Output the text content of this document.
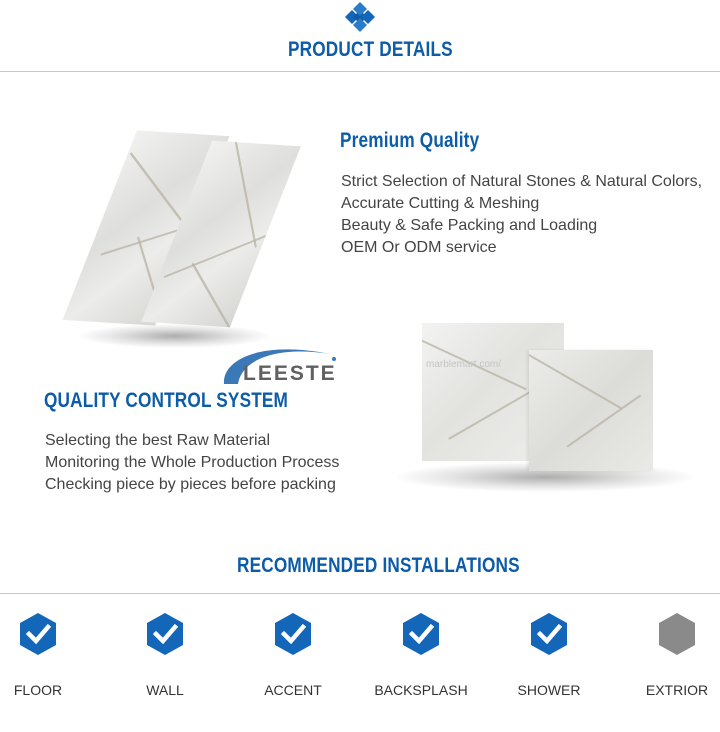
PRODUCT DETAILS
Premium Quality
Strict Selection of Natural Stones & Natural Colors,
Accurate Cutting & Meshing
Beauty & Safe Packing and Loading
OEM Or ODM service
LEESTE
QUALITY CONTROL SYSTEM
Selecting the best Raw Material
Monitoring the Whole Production Process
Checking piece by pieces before packing
marblemart.com/
RECOMMENDED INSTALLATIONS
FLOOR	WALL	ACCENT	BACKSPLASH	SHOWER	EXTRIOR
